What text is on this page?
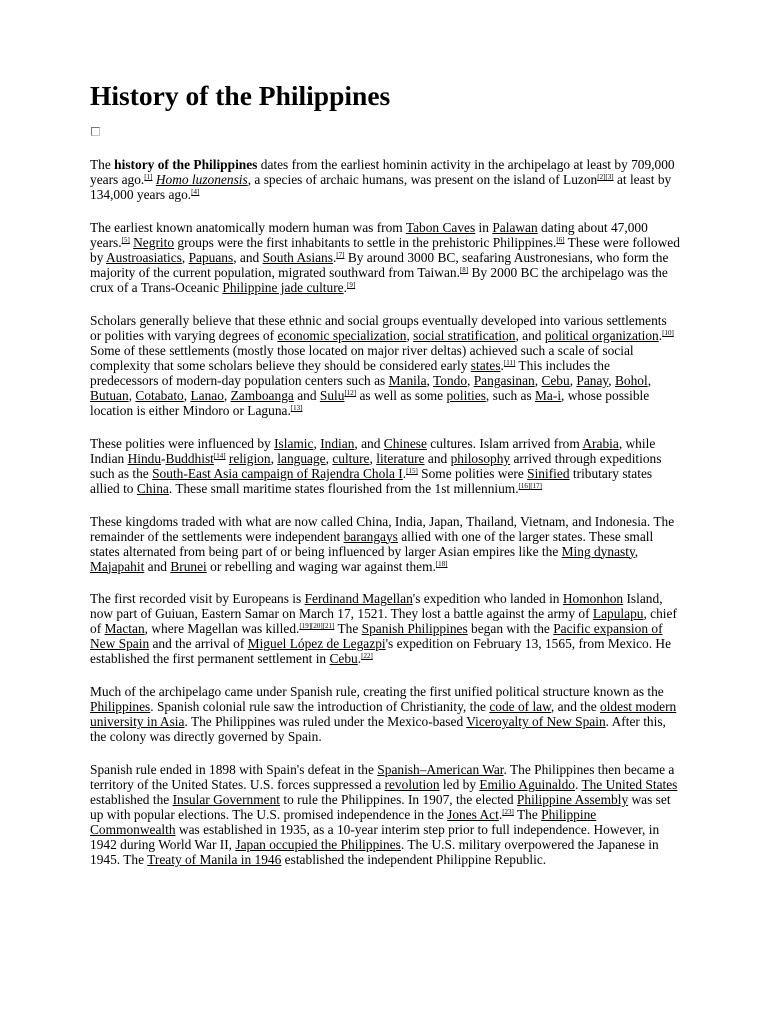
History of the Philippines

The history of the Philippines dates from the earliest hominin activity in the archipelago at least by 709,000 years ago.[1] Homo luzonensis, a species of archaic humans, was present on the island of Luzon[2][3] at least by 134,000 years ago.[4]

The earliest known anatomically modern human was from Tabon Caves in Palawan dating about 47,000 years.[5] Negrito groups were the first inhabitants to settle in the prehistoric Philippines.[6] These were followed by Austroasiatics, Papuans, and South Asians.[7] By around 3000 BC, seafaring Austronesians, who form the majority of the current population, migrated southward from Taiwan.[8] By 2000 BC the archipelago was the crux of a Trans-Oceanic Philippine jade culture.[9]

Scholars generally believe that these ethnic and social groups eventually developed into various settlements or polities with varying degrees of economic specialization, social stratification, and political organization.[10] Some of these settlements (mostly those located on major river deltas) achieved such a scale of social complexity that some scholars believe they should be considered early states.[11] This includes the predecessors of modern-day population centers such as Manila, Tondo, Pangasinan, Cebu, Panay, Bohol, Butuan, Cotabato, Lanao, Zamboanga and Sulu[12] as well as some polities, such as Ma-i, whose possible location is either Mindoro or Laguna.[13]

These polities were influenced by Islamic, Indian, and Chinese cultures. Islam arrived from Arabia, while Indian Hindu-Buddhist[14] religion, language, culture, literature and philosophy arrived through expeditions such as the South-East Asia campaign of Rajendra Chola I.[15] Some polities were Sinified tributary states allied to China. These small maritime states flourished from the 1st millennium.[16][17]

These kingdoms traded with what are now called China, India, Japan, Thailand, Vietnam, and Indonesia. The remainder of the settlements were independent barangays allied with one of the larger states. These small states alternated from being part of or being influenced by larger Asian empires like the Ming dynasty, Majapahit and Brunei or rebelling and waging war against them.[18]

The first recorded visit by Europeans is Ferdinand Magellan's expedition who landed in Homonhon Island, now part of Guiuan, Eastern Samar on March 17, 1521. They lost a battle against the army of Lapulapu, chief of Mactan, where Magellan was killed.[19][20][21] The Spanish Philippines began with the Pacific expansion of New Spain and the arrival of Miguel López de Legazpi's expedition on February 13, 1565, from Mexico. He established the first permanent settlement in Cebu.[22]

Much of the archipelago came under Spanish rule, creating the first unified political structure known as the Philippines. Spanish colonial rule saw the introduction of Christianity, the code of law, and the oldest modern university in Asia. The Philippines was ruled under the Mexico-based Viceroyalty of New Spain. After this, the colony was directly governed by Spain.

Spanish rule ended in 1898 with Spain's defeat in the Spanish–American War. The Philippines then became a territory of the United States. U.S. forces suppressed a revolution led by Emilio Aguinaldo. The United States established the Insular Government to rule the Philippines. In 1907, the elected Philippine Assembly was set up with popular elections. The U.S. promised independence in the Jones Act.[23] The Philippine Commonwealth was established in 1935, as a 10-year interim step prior to full independence. However, in 1942 during World War II, Japan occupied the Philippines. The U.S. military overpowered the Japanese in 1945. The Treaty of Manila in 1946 established the independent Philippine Republic.
